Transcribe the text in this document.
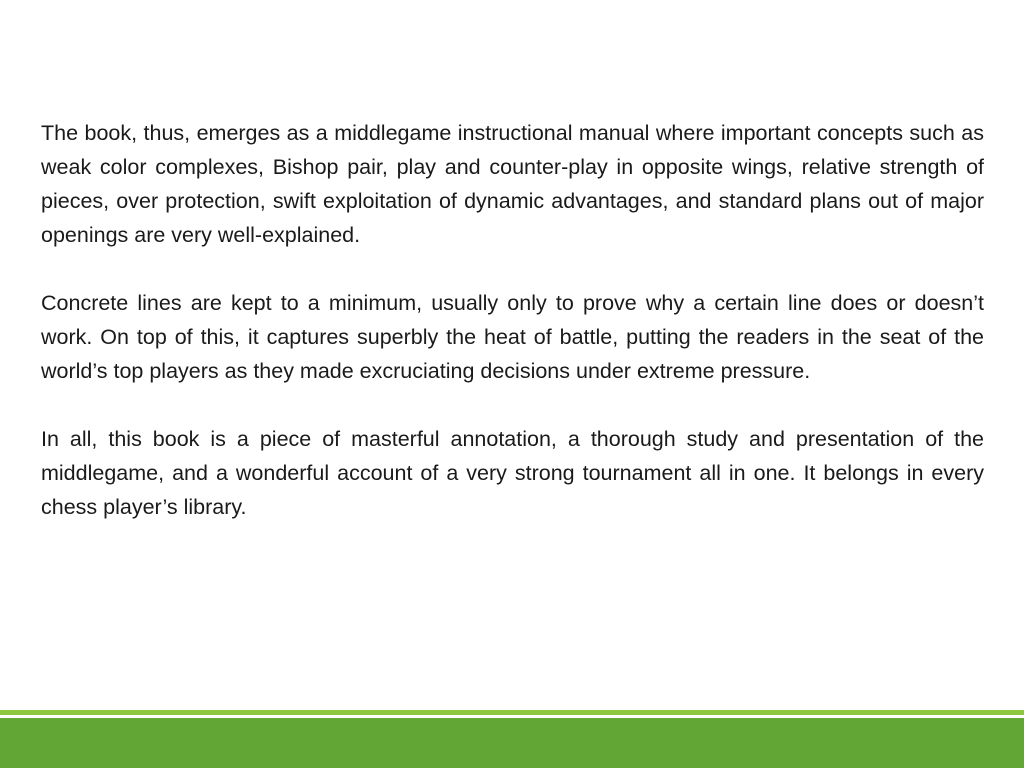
The book, thus, emerges as a middlegame instructional manual where important concepts such as weak color complexes, Bishop pair, play and counter-play in opposite wings, relative strength of pieces, over protection, swift exploitation of dynamic advantages, and standard plans out of major openings are very well-explained.

Concrete lines are kept to a minimum, usually only to prove why a certain line does or doesn’t work. On top of this, it captures superbly the heat of battle, putting the readers in the seat of the world’s top players as they made excruciating decisions under extreme pressure.

In all, this book is a piece of masterful annotation, a thorough study and presentation of the middlegame, and a wonderful account of a very strong tournament all in one. It belongs in every chess player’s library.
